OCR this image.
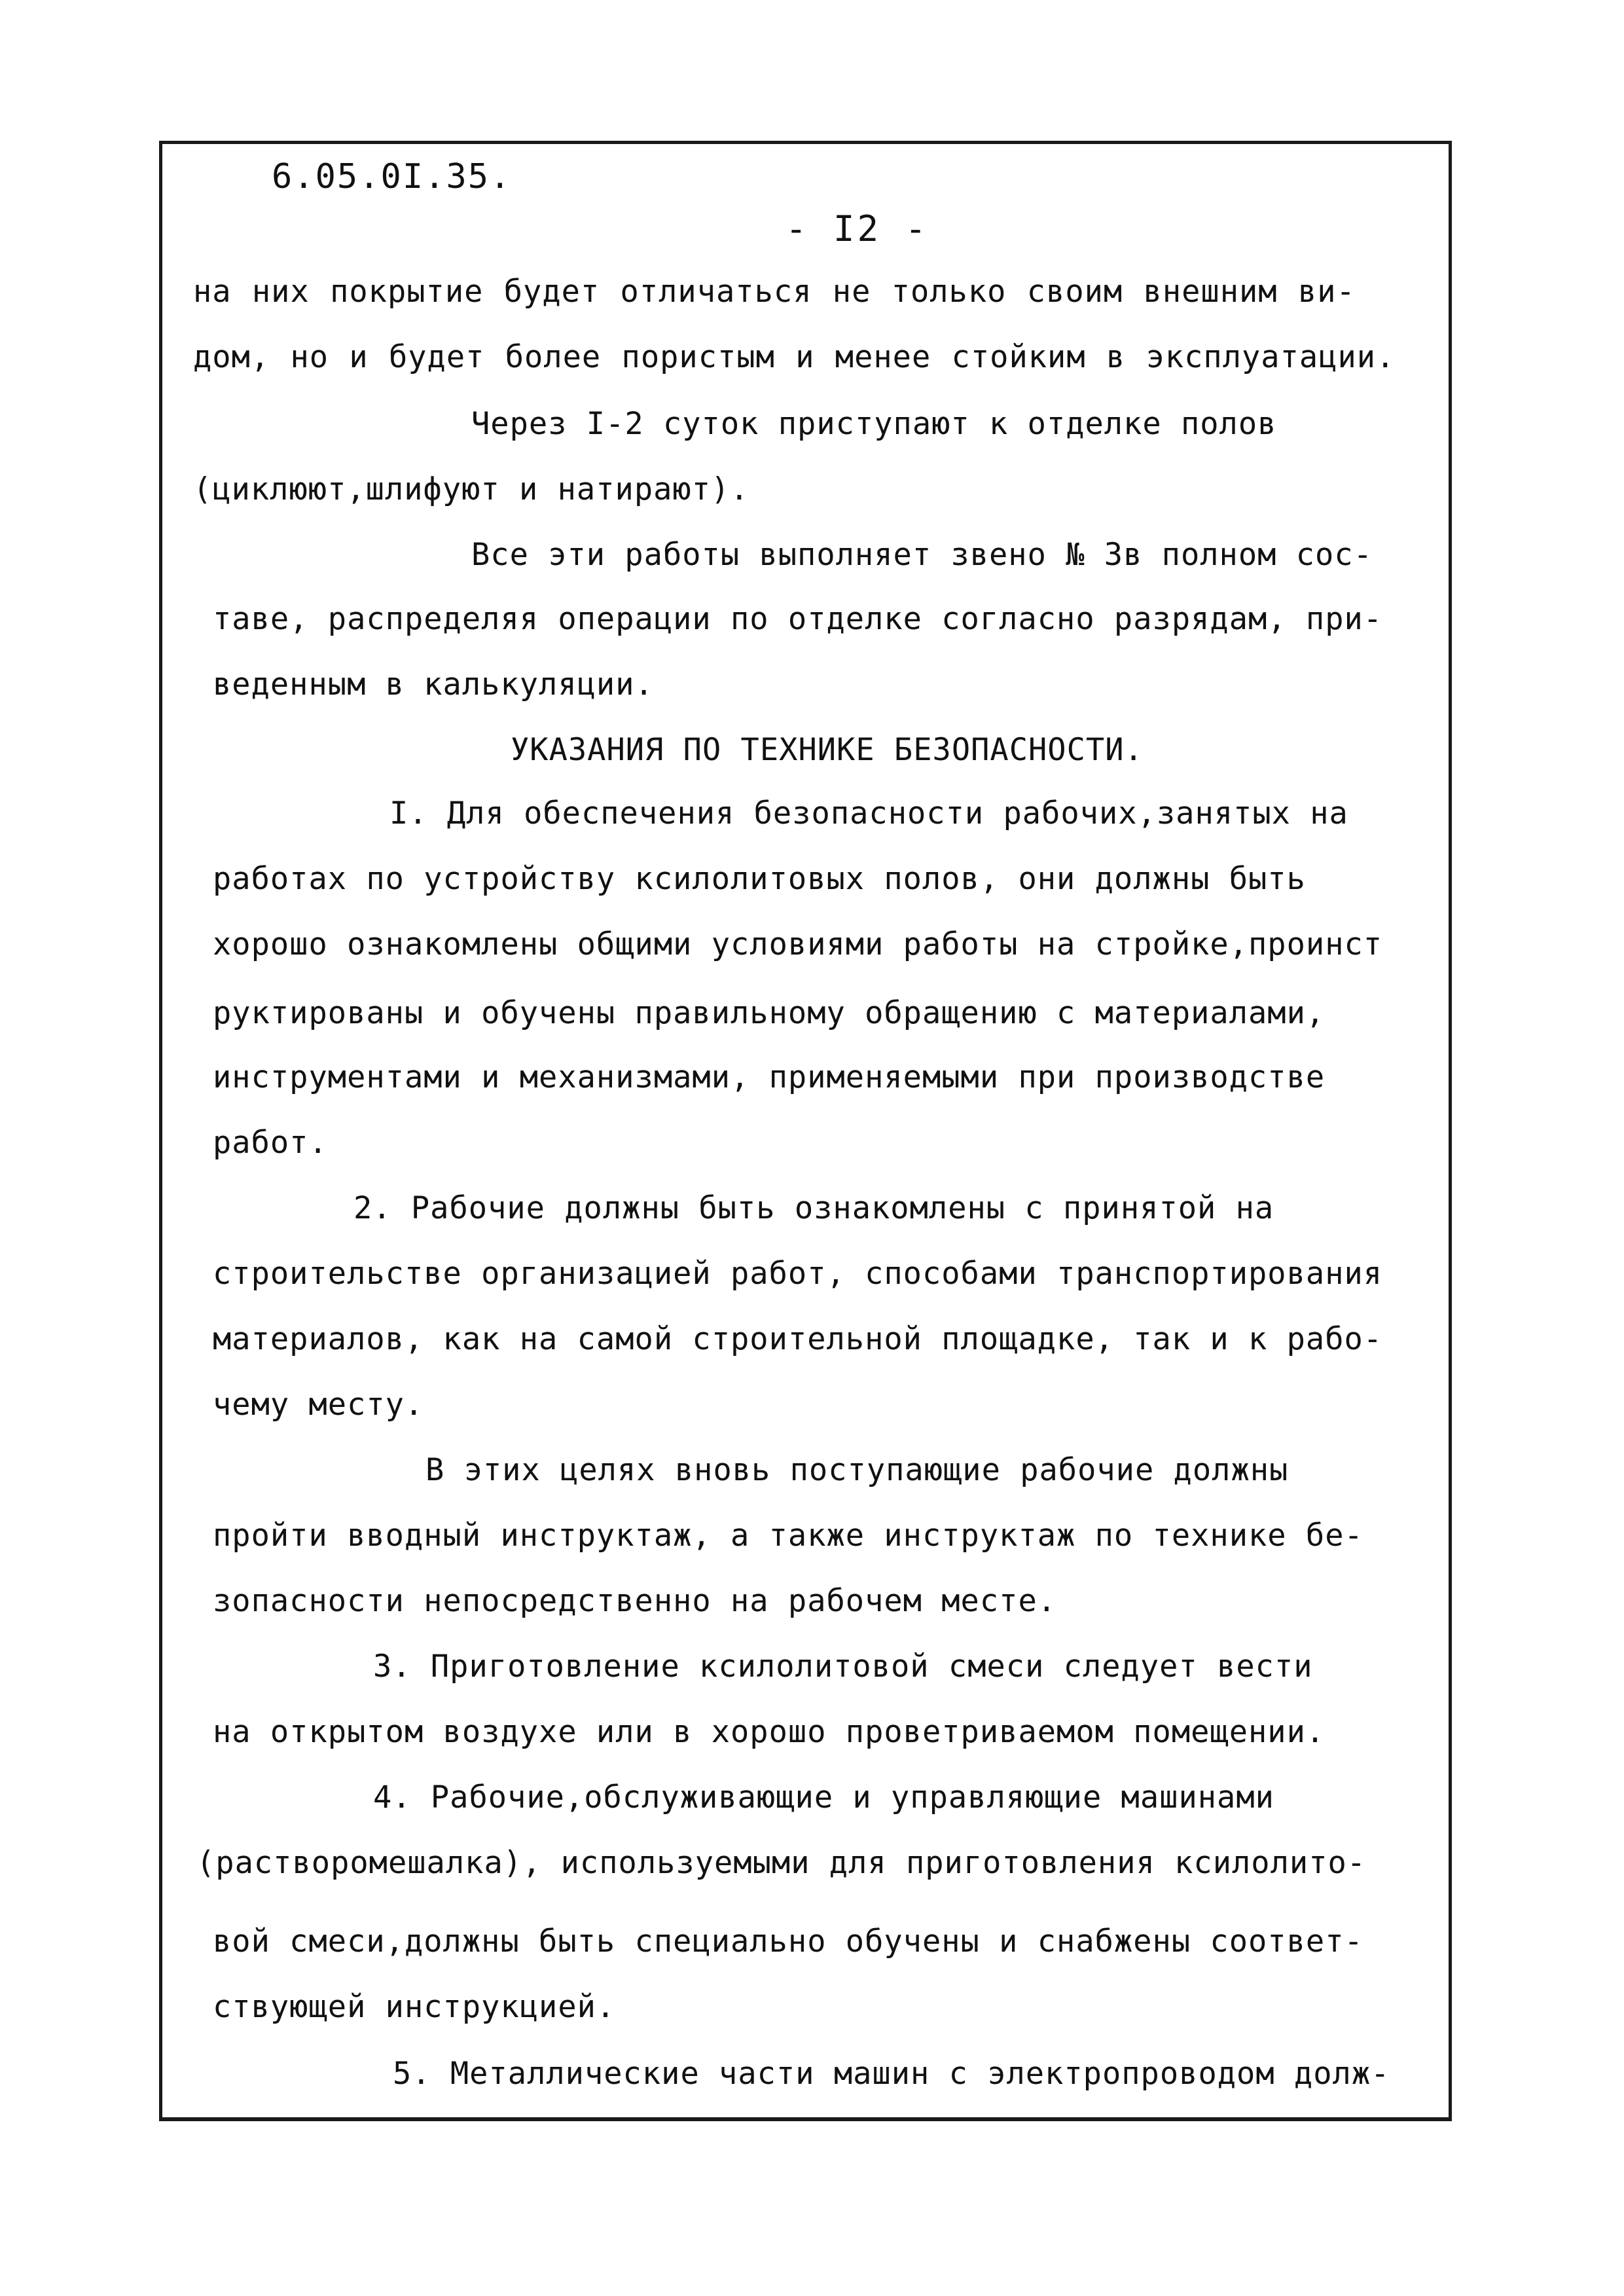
6.05.0I.35.
- I2 -
на них покрытие будет отличаться не только своим внешним ви-
дом, но и будет более пористым и менее стойким в эксплуатации.
Через I-2 суток приступают к отделке полов
(циклюют,шлифуют и натирают).
Все эти работы выполняет звено № 3в полном сос-
таве, распределяя операции по отделке согласно разрядам, при-
веденным в калькуляции.
УКАЗАНИЯ ПО ТЕХНИКЕ БЕЗОПАСНОСТИ.
I. Для обеспечения безопасности рабочих,занятых на
работах по устройству ксилолитовых полов, они должны быть
хорошо ознакомлены общими условиями работы на стройке,проинст
руктированы и обучены правильному обращению с материалами,
инструментами и механизмами, применяемыми при производстве
работ.
2. Рабочие должны быть ознакомлены с принятой на
строительстве организацией работ, способами транспортирования
материалов, как на самой строительной площадке, так и к рабо-
чему месту.
В этих целях вновь поступающие рабочие должны
пройти вводный инструктаж, а также инструктаж по технике бе-
зопасности непосредственно на рабочем месте.
3. Приготовление ксилолитовой смеси следует вести
на открытом воздухе или в хорошо проветриваемом помещении.
4. Рабочие,обслуживающие и управляющие машинами
(растворомешалка), используемыми для приготовления ксилолито-
вой смеси,должны быть специально обучены и снабжены соответ-
ствующей инструкцией.
5. Металлические части машин с электропроводом долж-
